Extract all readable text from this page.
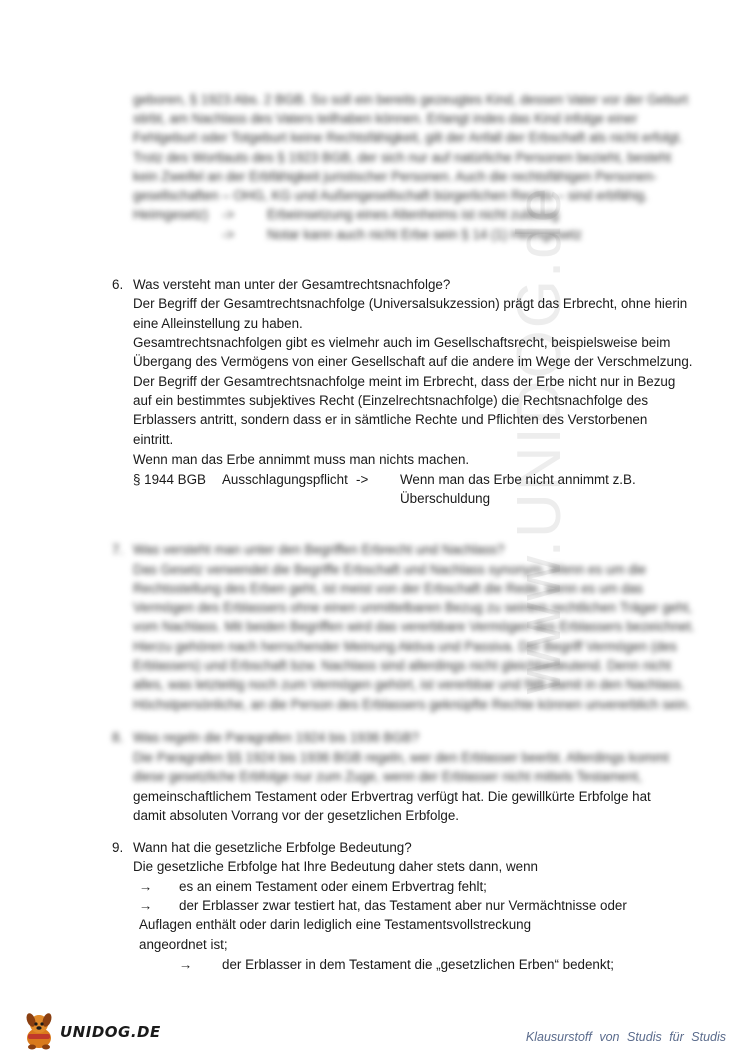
www.UNIDOG.de
geboren, § 1923 Abs. 2 BGB. So soll ein bereits gezeugtes Kind, dessen Vater vor der Geburt
stirbt, am Nachlass des Vaters teilhaben können. Erlangt indes das Kind infolge einer
Fehlgeburt oder Totgeburt keine Rechtsfähigkeit, gilt der Anfall der Erbschaft als nicht erfolgt.
Trotz des Wortlauts des § 1923 BGB, der sich nur auf natürliche Personen bezieht, besteht
kein Zweifel an der Erbfähigkeit juristischer Personen. Auch die rechtsfähigen Personen-
gesellschaften – OHG, KG und Außengesellschaft bürgerlichen Rechts – sind erbfähig.
Heimgesetz) -> Erbeinsetzung eines Altenheims ist nicht zulässig
-> Notar kann auch nicht Erbe sein § 14 (1) Heimgesetz
6. Was versteht man unter der Gesamtrechtsnachfolge?
Der Begriff der Gesamtrechtsnachfolge (Universalsukzession) prägt das Erbrecht, ohne hierin
eine Alleinstellung zu haben.
Gesamtrechtsnachfolgen gibt es vielmehr auch im Gesellschaftsrecht, beispielsweise beim
Übergang des Vermögens von einer Gesellschaft auf die andere im Wege der Verschmelzung.
Der Begriff der Gesamtrechtsnachfolge meint im Erbrecht, dass der Erbe nicht nur in Bezug
auf ein bestimmtes subjektives Recht (Einzelrechtsnachfolge) die Rechtsnachfolge des
Erblassers antritt, sondern dass er in sämtliche Rechte und Pflichten des Verstorbenen
eintritt.
Wenn man das Erbe annimmt muss man nichts machen.
§ 1944 BGB Ausschlagungspflicht -> Wenn man das Erbe nicht annimmt z.B.
Überschuldung
7. Was versteht man unter den Begriffen Erbrecht und Nachlass?
Das Gesetz verwendet die Begriffe Erbschaft und Nachlass synonym. Wenn es um die
Rechtsstellung des Erben geht, ist meist von der Erbschaft die Rede, wenn es um das
Vermögen des Erblassers ohne einen unmittelbaren Bezug zu seinem rechtlichen Träger geht,
vom Nachlass. Mit beiden Begriffen wird das vererbbare Vermögen des Erblassers bezeichnet.
Hierzu gehören nach herrschender Meinung Aktiva und Passiva. Der Begriff Vermögen (des
Erblassers) und Erbschaft bzw. Nachlass sind allerdings nicht gleichbedeutend. Denn nicht
alles, was letzteitig noch zum Vermögen gehört, ist vererbbar und fällt damit in den Nachlass.
Höchstpersönliche, an die Person des Erblassers geknüpfte Rechte können unvererblich sein.
8. Was regeln die Paragrafen 1924 bis 1936 BGB?
Die Paragrafen §§ 1924 bis 1936 BGB regeln, wer den Erblasser beerbt. Allerdings kommt
diese gesetzliche Erbfolge nur zum Zuge, wenn der Erblasser nicht mittels Testament,
gemeinschaftlichem Testament oder Erbvertrag verfügt hat. Die gewillkürte Erbfolge hat
damit absoluten Vorrang vor der gesetzlichen Erbfolge.
9. Wann hat die gesetzliche Erbfolge Bedeutung?
Die gesetzliche Erbfolge hat Ihre Bedeutung daher stets dann, wenn
→ es an einem Testament oder einem Erbvertrag fehlt;
→ der Erblasser zwar testiert hat, das Testament aber nur Vermächtnisse oder
Auflagen enthält oder darin lediglich eine Testamentsvollstreckung
angeordnet ist;
→ der Erblasser in dem Testament die „gesetzlichen Erben“ bedenkt;
UNIDOG.DE	Klausurstoff von Studis für Studis
